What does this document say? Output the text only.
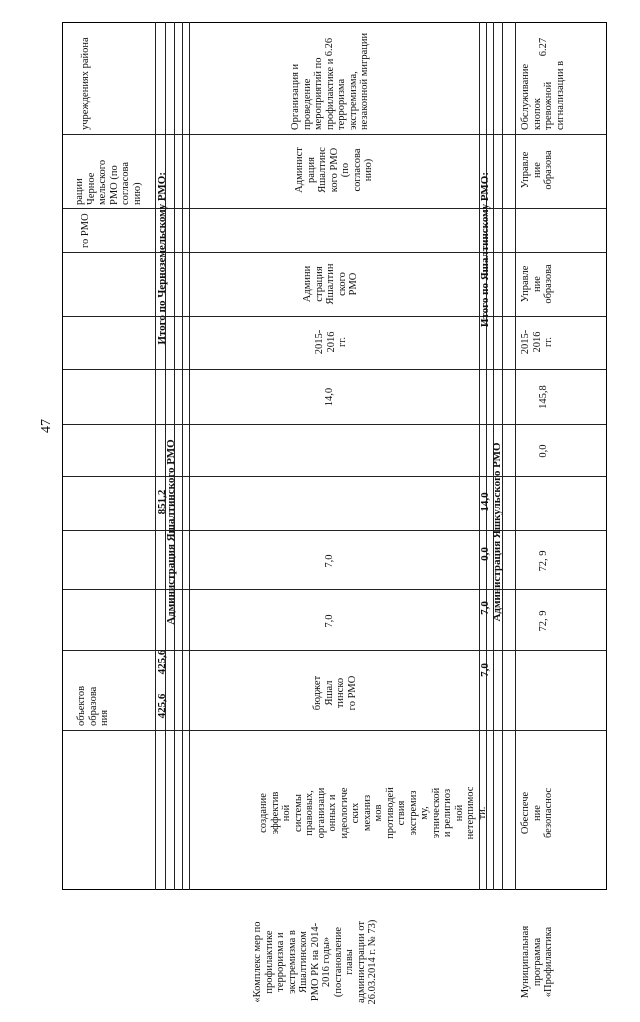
47
учреждениях района
рации
Черное
мельского
РМО (по
согласова
нию)
го РМО
объектов
образова
ния
Итого по Черноземельскому РМО:
851,2
425,6
425,6
Администрация Яшалтинского РМО
6.26
Организация и
проведение
мероприятий по
профилактике и
терроризма
экстремизма,
незаконной миграции
Админист
рация
Яшалтинс
кого РМО
(по
согласова
нию)
Админи
страция
Яшалтин
ского
РМО
2015-
2016
гг.
14,0
7,0
7,0
бюджет
Яшал
тинско
го РМО
создание
эффектив
ной
системы
правовых,
организаци
онных и
идеологиче
ских
механиз
мов
противодей
ствия
экстремиз
му,
этнической
и религиоз
ной
нетерпимос
ти.
«Комплекс мер по
профилактике
терроризма и
экстремизма в
Яшалтинском
РМО РК на 2014-
2016 годы»
(постановление
главы
администрации от
26.03.2014 г. № 73)
Итого по Яшалтинскому РМО:
14,0
0,0
7,0
7,0
Администрация Яшкульского РМО
6.27
Обслуживание кнопок
тревожной
сигнализации в
Управле
ние
образова
Управле
ние
образова
2015-
2016
гг.
145,8
0,0
72, 9
72, 9
Обеспече
ние
безопаснос
Муниципальная
программа
«Профилактика
